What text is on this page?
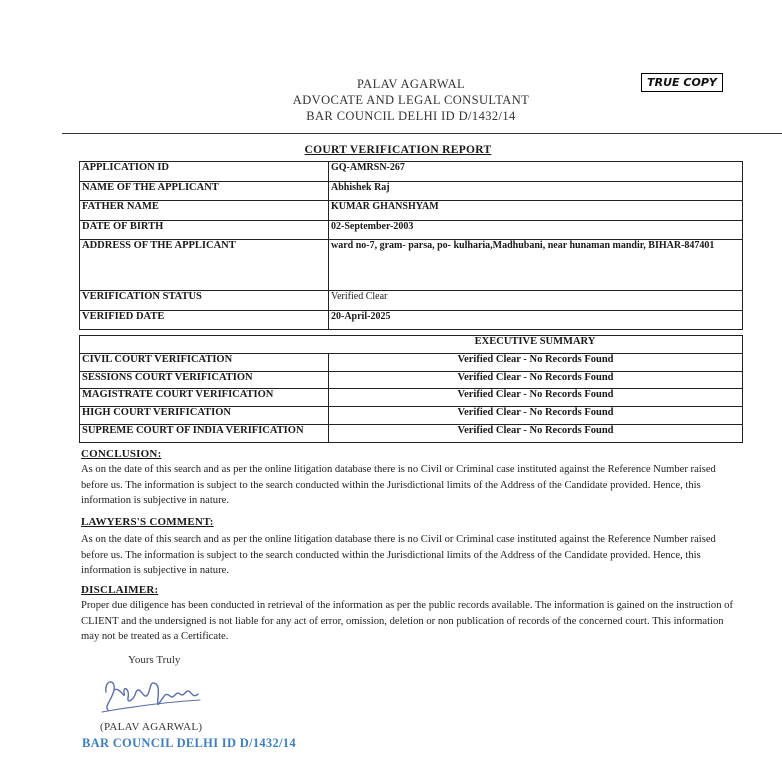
PALAV AGARWAL
ADVOCATE AND LEGAL CONSULTANT
BAR COUNCIL DELHI ID D/1432/14
TRUE COPY
COURT VERIFICATION REPORT
APPLICATION ID	GQ-AMRSN-267
NAME OF THE APPLICANT	Abhishek Raj
FATHER NAME	KUMAR GHANSHYAM
DATE OF BIRTH	02-September-2003
ADDRESS OF THE APPLICANT	ward no-7, gram- parsa, po- kulharia,Madhubani, near hunaman mandir, BIHAR-847401
VERIFICATION STATUS	Verified Clear
VERIFIED DATE	20-April-2025
EXECUTIVE SUMMARY	
CIVIL COURT VERIFICATION	Verified Clear - No Records Found
SESSIONS COURT VERIFICATION	Verified Clear - No Records Found
MAGISTRATE COURT VERIFICATION	Verified Clear - No Records Found
HIGH COURT VERIFICATION	Verified Clear - No Records Found
SUPREME COURT OF INDIA VERIFICATION	Verified Clear - No Records Found
CONCLUSION:
As on the date of this search and as per the online litigation database there is no Civil or Criminal case instituted against the Reference Number raised before us. The information is subject to the search conducted within the Jurisdictional limits of the Address of the Candidate provided. Hence, this information is subjective in nature.
LAWYERS'S COMMENT:
As on the date of this search and as per the online litigation database there is no Civil or Criminal case instituted against the Reference Number raised before us. The information is subject to the search conducted within the Jurisdictional limits of the Address of the Candidate provided. Hence, this information is subjective in nature.
DISCLAIMER:
Proper due diligence has been conducted in retrieval of the information as per the public records available. The information is gained on the instruction of CLIENT and the undersigned is not liable for any act of error, omission, deletion or non publication of records of the concerned court. This information may not be treated as a Certificate.
Yours Truly
(PALAV AGARWAL)
BAR COUNCIL DELHI ID D/1432/14
